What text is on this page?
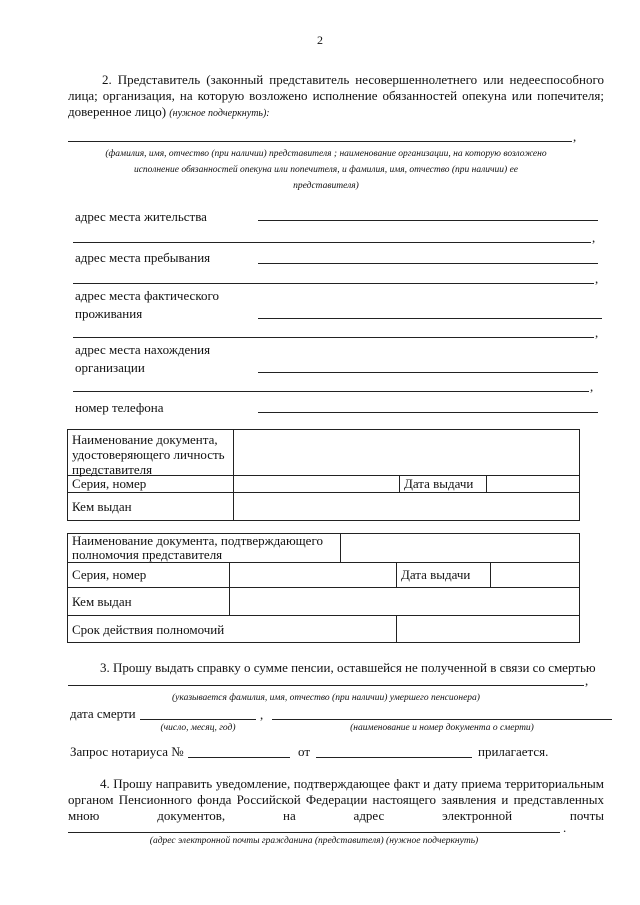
2
2. Представитель (законный представитель несовершеннолетнего или недееспособного лица; организация, на которую возложено исполнение обязанностей опекуна или попечителя; доверенное лицо) (нужное подчеркнуть):
,
(фамилия, имя, отчество (при наличии) представителя ; наименование организации, на которую возложено
исполнение обязанностей опекуна или попечителя, и фамилия, имя, отчество (при наличии) ее
представителя)
адрес места жительства
,
адрес места пребывания
,
адрес места фактического
проживания
,
адрес места нахождения
организации
,
номер телефона
Наименование документа,
удостоверяющего личность
представителя
Серия, номер	Дата выдачи
Кем выдан
Наименование документа, подтверждающего
полномочия представителя
Серия, номер	Дата выдачи
Кем выдан
Срок действия полномочий
3. Прошу выдать справку о сумме пенсии, оставшейся не полученной в связи со смертью
,
(указывается фамилия, имя, отчество (при наличии) умершего пенсионера)
дата смерти	,
(число, месяц, год)	(наименование и номер документа о смерти)
Запрос нотариуса №	от	прилагается.
4. Прошу направить уведомление, подтверждающее факт и дату приема территориальным органом Пенсионного фонда Российской Федерации настоящего заявления и представленных мною документов, на адрес электронной почты
.
(адрес электронной почты гражданина (представителя) (нужное подчеркнуть)
